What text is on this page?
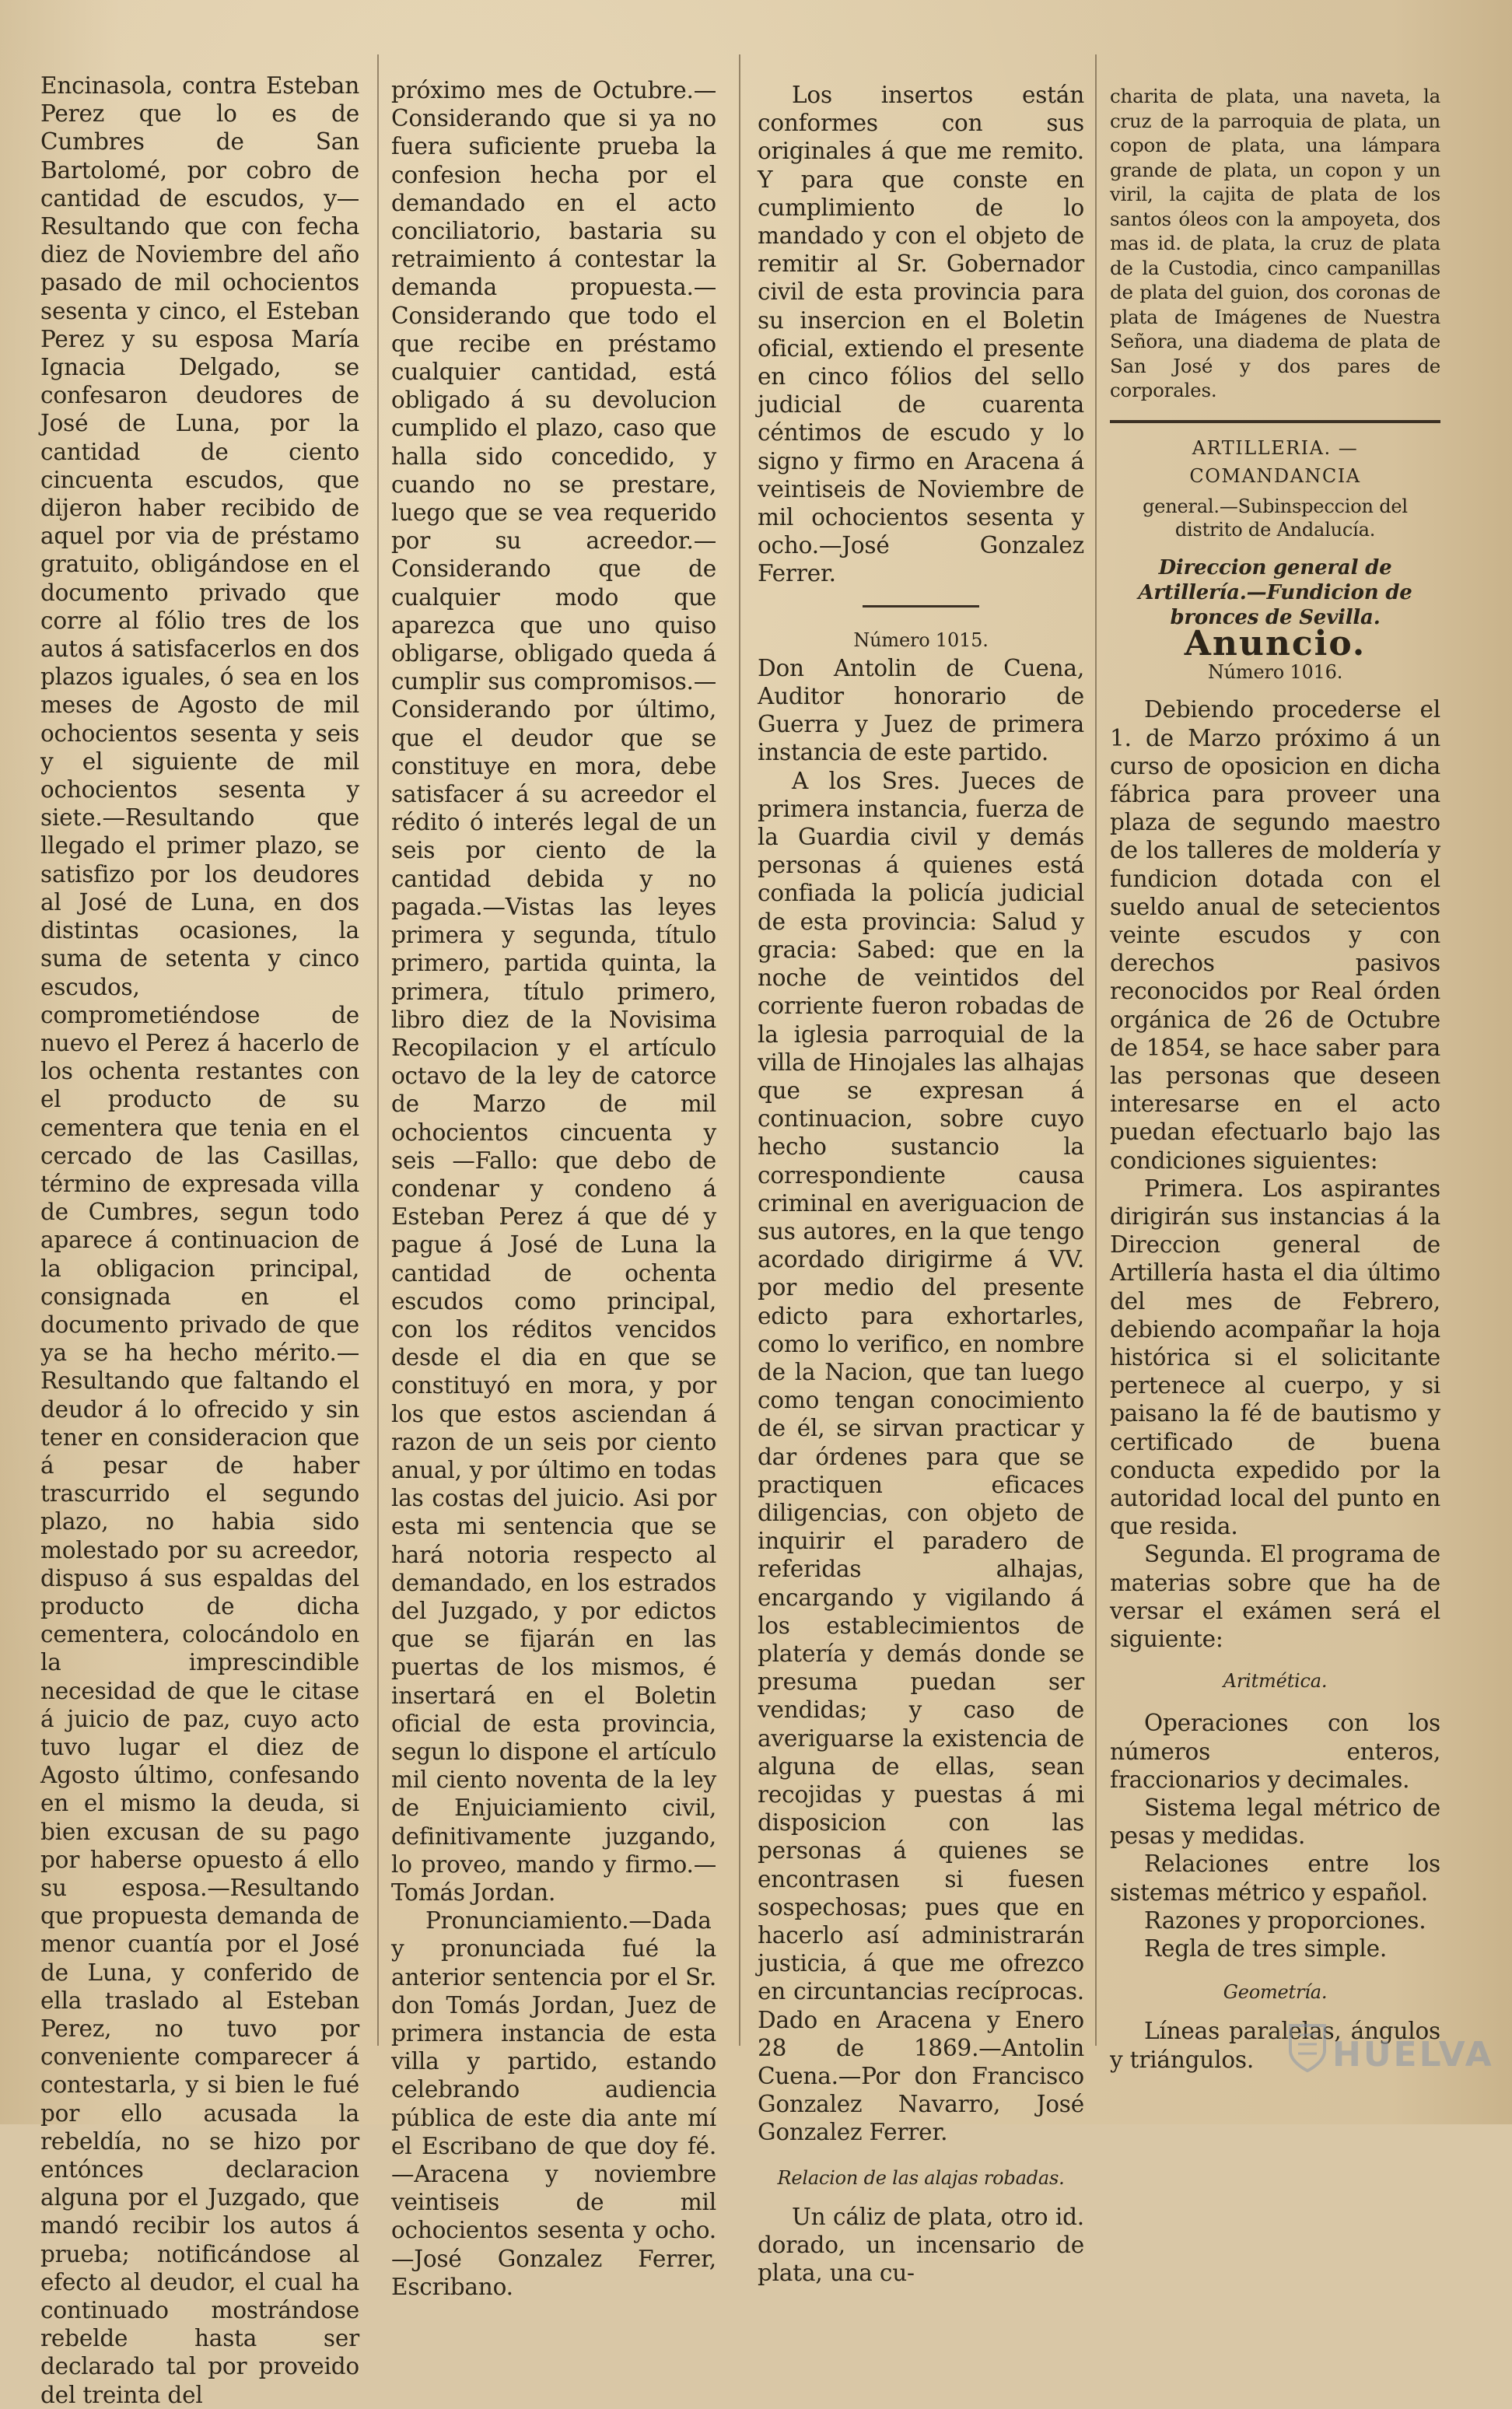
Encinasola, contra Esteban Perez que lo es de Cumbres de San Bartolomé, por cobro de cantidad de escudos, y—Resultando que con fecha diez de Noviembre del año pasado de mil ochocientos sesenta y cinco, el Esteban Perez y su esposa María Ignacia Delgado, se confesaron deudores de José de Luna, por la cantidad de ciento cincuenta escudos, que dijeron haber recibido de aquel por via de préstamo gratuito, obligándose en el documento privado que corre al fólio tres de los autos á satisfacerlos en dos plazos iguales, ó sea en los meses de Agosto de mil ochocientos sesenta y seis y el siguiente de mil ochocientos sesenta y siete.—Resultando que llegado el primer plazo, se satisfizo por los deudores al José de Luna, en dos distintas ocasiones, la suma de setenta y cinco escudos, comprometiéndose de nuevo el Perez á hacerlo de los ochenta restantes con el producto de su cementera que tenia en el cercado de las Casillas, término de expresada villa de Cumbres, segun todo aparece á continuacion de la obligacion principal, consignada en el documento privado de que ya se ha hecho mérito.—Resultando que faltando el deudor á lo ofrecido y sin tener en consideracion que á pesar de haber trascurrido el segundo plazo, no habia sido molestado por su acreedor, dispuso á sus espaldas del producto de dicha cementera, colocándolo en la imprescindible necesidad de que le citase á juicio de paz, cuyo acto tuvo lugar el diez de Agosto último, confesando en el mismo la deuda, si bien excusan de su pago por haberse opuesto á ello su esposa.—Resultando que propuesta demanda de menor cuantía por el José de Luna, y conferido de ella traslado al Esteban Perez, no tuvo por conveniente comparecer á contestarla, y si bien le fué por ello acusada la rebeldía, no se hizo por entónces declaracion alguna por el Juzgado, que mandó recibir los autos á prueba; notificándose al efecto al deudor, el cual ha continuado mostrándose rebelde hasta ser declarado tal por proveido del treinta del

próximo mes de Octubre.—Considerando que si ya no fuera suficiente prueba la confesion hecha por el demandado en el acto conciliatorio, bastaria su retraimiento á contestar la demanda propuesta.—Considerando que todo el que recibe en préstamo cualquier cantidad, está obligado á su devolucion cumplido el plazo, caso que halla sido concedido, y cuando no se prestare, luego que se vea requerido por su acreedor.—Considerando que de cualquier modo que aparezca que uno quiso obligarse, obligado queda á cumplir sus compromisos.—Considerando por último, que el deudor que se constituye en mora, debe satisfacer á su acreedor el rédito ó interés legal de un seis por ciento de la cantidad debida y no pagada.—Vistas las leyes primera y segunda, título primero, partida quinta, la primera, título primero, libro diez de la Novisima Recopilacion y el artículo octavo de la ley de catorce de Marzo de mil ochocientos cincuenta y seis —Fallo: que debo de condenar y condeno á Esteban Perez á que dé y pague á José de Luna la cantidad de ochenta escudos como principal, con los réditos vencidos desde el dia en que se constituyó en mora, y por los que estos asciendan á razon de un seis por ciento anual, y por último en todas las costas del juicio. Asi por esta mi sentencia que se hará notoria respecto al demandado, en los estrados del Juzgado, y por edictos que se fijarán en las puertas de los mismos, é insertará en el Boletin oficial de esta provincia, segun lo dispone el artículo mil ciento noventa de la ley de Enjuiciamiento civil, definitivamente juzgando, lo proveo, mando y firmo.—Tomás Jordan.

Pronunciamiento.—Dada y pronunciada fué la anterior sentencia por el Sr. don Tomás Jordan, Juez de primera instancia de esta villa y partido, estando celebrando audiencia pública de este dia ante mí el Escribano de que doy fé.—Aracena y noviembre veintiseis de mil ochocientos sesenta y ocho.—José Gonzalez Ferrer, Escribano.

Los insertos están conformes con sus originales á que me remito. Y para que conste en cumplimiento de lo mandado y con el objeto de remitir al Sr. Gobernador civil de esta provincia para su insercion en el Boletin oficial, extiendo el presente en cinco fólios del sello judicial de cuarenta céntimos de escudo y lo signo y firmo en Aracena á veintiseis de Noviembre de mil ochocientos sesenta y ocho.—José Gonzalez Ferrer.

Número 1015.

Don Antolin de Cuena, Auditor honorario de Guerra y Juez de primera instancia de este partido.

A los Sres. Jueces de primera instancia, fuerza de la Guardia civil y demás personas á quienes está confiada la policía judicial de esta provincia: Salud y gracia: Sabed: que en la noche de veintidos del corriente fueron robadas de la iglesia parroquial de la villa de Hinojales las alhajas que se expresan á continuacion, sobre cuyo hecho sustancio la correspondiente causa criminal en averiguacion de sus autores, en la que tengo acordado dirigirme á VV. por medio del presente edicto para exhortarles, como lo verifico, en nombre de la Nacion, que tan luego como tengan conocimiento de él, se sirvan practicar y dar órdenes para que se practiquen eficaces diligencias, con objeto de inquirir el paradero de referidas alhajas, encargando y vigilando á los establecimientos de platería y demás donde se presuma puedan ser vendidas; y caso de averiguarse la existencia de alguna de ellas, sean recojidas y puestas á mi disposicion con las personas á quienes se encontrasen si fuesen sospechosas; pues que en hacerlo así administrarán justicia, á que me ofrezco en circuntancias recíprocas. Dado en Aracena y Enero 28 de 1869.—Antolin Cuena.—Por don Francisco Gonzalez Navarro, José Gonzalez Ferrer.

Relacion de las alajas robadas.

Un cáliz de plata, otro id. dorado, un incensario de plata, una cu-

charita de plata, una naveta, la cruz de la parroquia de plata, un copon de plata, una lámpara grande de plata, un copon y un viril, la cajita de plata de los santos óleos con la ampoyeta, dos mas id. de plata, la cruz de plata de la Custodia, cinco campanillas de plata del guion, dos coronas de plata de Imágenes de Nuestra Señora, una diadema de plata de San José y dos pares de corporales.

ARTILLERIA. — COMANDANCIA

general.—Subinspeccion del distrito de Andalucía.

Direccion general de Artillería.—Fundicion de bronces de Sevilla.

Anuncio.

Número 1016.

Debiendo procederse el 1. de Marzo próximo á un curso de oposicion en dicha fábrica para proveer una plaza de segundo maestro de los talleres de moldería y fundicion dotada con el sueldo anual de setecientos veinte escudos y con derechos pasivos reconocidos por Real órden orgánica de 26 de Octubre de 1854, se hace saber para las personas que deseen interesarse en el acto puedan efectuarlo bajo las condiciones siguientes:

Primera. Los aspirantes dirigirán sus instancias á la Direccion general de Artillería hasta el dia último del mes de Febrero, debiendo acompañar la hoja histórica si el solicitante pertenece al cuerpo, y si paisano la fé de bautismo y certificado de buena conducta expedido por la autoridad local del punto en que resida.

Segunda. El programa de materias sobre que ha de versar el exámen será el siguiente:

Aritmética.

Operaciones con los números enteros, fraccionarios y decimales.

Sistema legal métrico de pesas y medidas.

Relaciones entre los sistemas métrico y español.

Razones y proporciones.

Regla de tres simple.

Geometría.

Líneas paralelas, ángulos y triángulos.	HUELVA
